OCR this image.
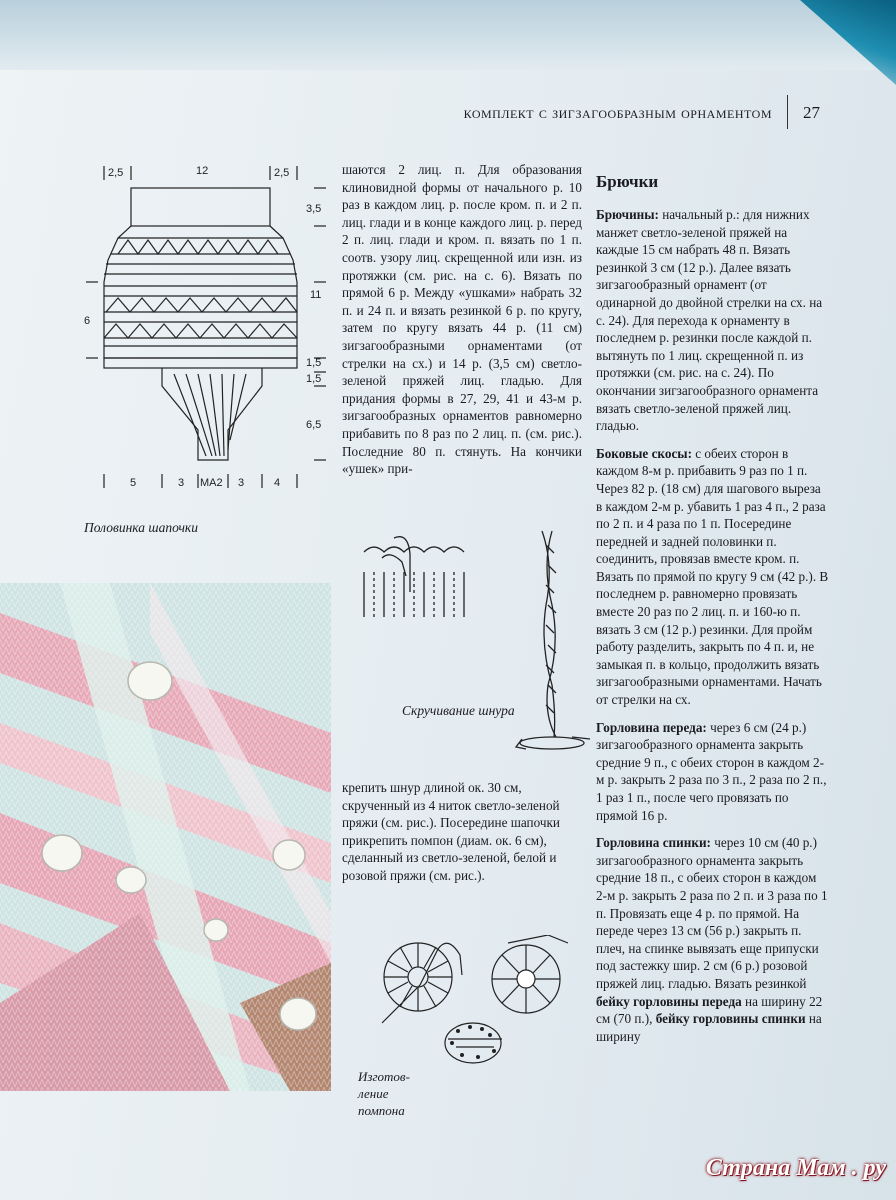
комплект с зигзагообразным орнаментом 27
2,5	12	2,5
3,5
11
1,5
1,5
6,5
6
5	3 MA2 3	4
Половинка шапочки

шаются 2 лиц. п. Для образования клиновидной формы от начального р. 10 раз в каждом лиц. р. после кром. п. и 2 п. лиц. глади и в конце каждого лиц. р. перед 2 п. лиц. глади и кром. п. вязать по 1 п. соотв. узору лиц. скрещенной или изн. из протяжки (см. рис. на с. 6). Вязать по прямой 6 р. Между «ушками» набрать 32 п. и 24 п. и вязать резинкой 6 р. по кругу, затем по кругу вязать 44 р. (11 см) зигзагообразными орнаментами (от стрелки на сх.) и 14 р. (3,5 см) светло-зеленой пряжей лиц. гладью. Для придания формы в 27, 29, 41 и 43-м р. зигзагообразных орнаментов равномерно прибавить по 8 раз по 2 лиц. п. (см. рис.). Последние 80 п. стянуть. На кончики «ушек» при-

Скручивание шнура

крепить шнур длиной ок. 30 см, скрученный из 4 ниток светло-зеленой пряжи (см. рис.). Посередине шапочки прикрепить помпон (диам. ок. 6 см), сделанный из светло-зеленой, белой и розовой пряжи (см. рис.).

Изготов-ление помпона
Брючки

Брючины: начальный р.: для нижних манжет светло-зеленой пряжей на каждые 15 см набрать 48 п. Вязать резинкой 3 см (12 р.). Далее вязать зигзагообразный орнамент (от одинарной до двойной стрелки на сх. на с. 24). Для перехода к орнаменту в последнем р. резинки после каждой п. вытянуть по 1 лиц. скрещенной п. из протяжки (см. рис. на с. 24). По окончании зигзагообразного орнамента вязать светло-зеленой пряжей лиц. гладью.

Боковые скосы: с обеих сторон в каждом 8-м р. прибавить 9 раз по 1 п. Через 82 р. (18 см) для шагового выреза в каждом 2-м р. убавить 1 раз 4 п., 2 раза по 2 п. и 4 раза по 1 п. Посередине передней и задней половинки п. соединить, провязав вместе кром. п. Вязать по прямой по кругу 9 см (42 р.). В последнем р. равномерно провязать вместе 20 раз по 2 лиц. п. и 160-ю п. вязать 3 см (12 р.) резинки. Для пройм работу разделить, закрыть по 4 п. и, не замыкая п. в кольцо, продолжить вязать зигзагообразными орнаментами. Начать от стрелки на сх.

Горловина переда: через 6 см (24 р.) зигзагообразного орнамента закрыть средние 9 п., с обеих сторон в каждом 2-м р. закрыть 2 раза по 3 п., 2 раза по 2 п., 1 раз 1 п., после чего провязать по прямой 16 р.

Горловина спинки: через 10 см (40 р.) зигзагообразного орнамента закрыть средние 18 п., с обеих сторон в каждом 2-м р. закрыть 2 раза по 2 п. и 3 раза по 1 п. Провязать еще 4 р. по прямой. На переде через 13 см (56 р.) закрыть п. плеч, на спинке вывязать еще припуски под застежку шир. 2 см (6 р.) розовой пряжей лиц. гладью. Вязать резинкой бейку горловины переда на ширину 22 см (70 п.), бейку горловины спинки на ширину

Страна Мам . ру
